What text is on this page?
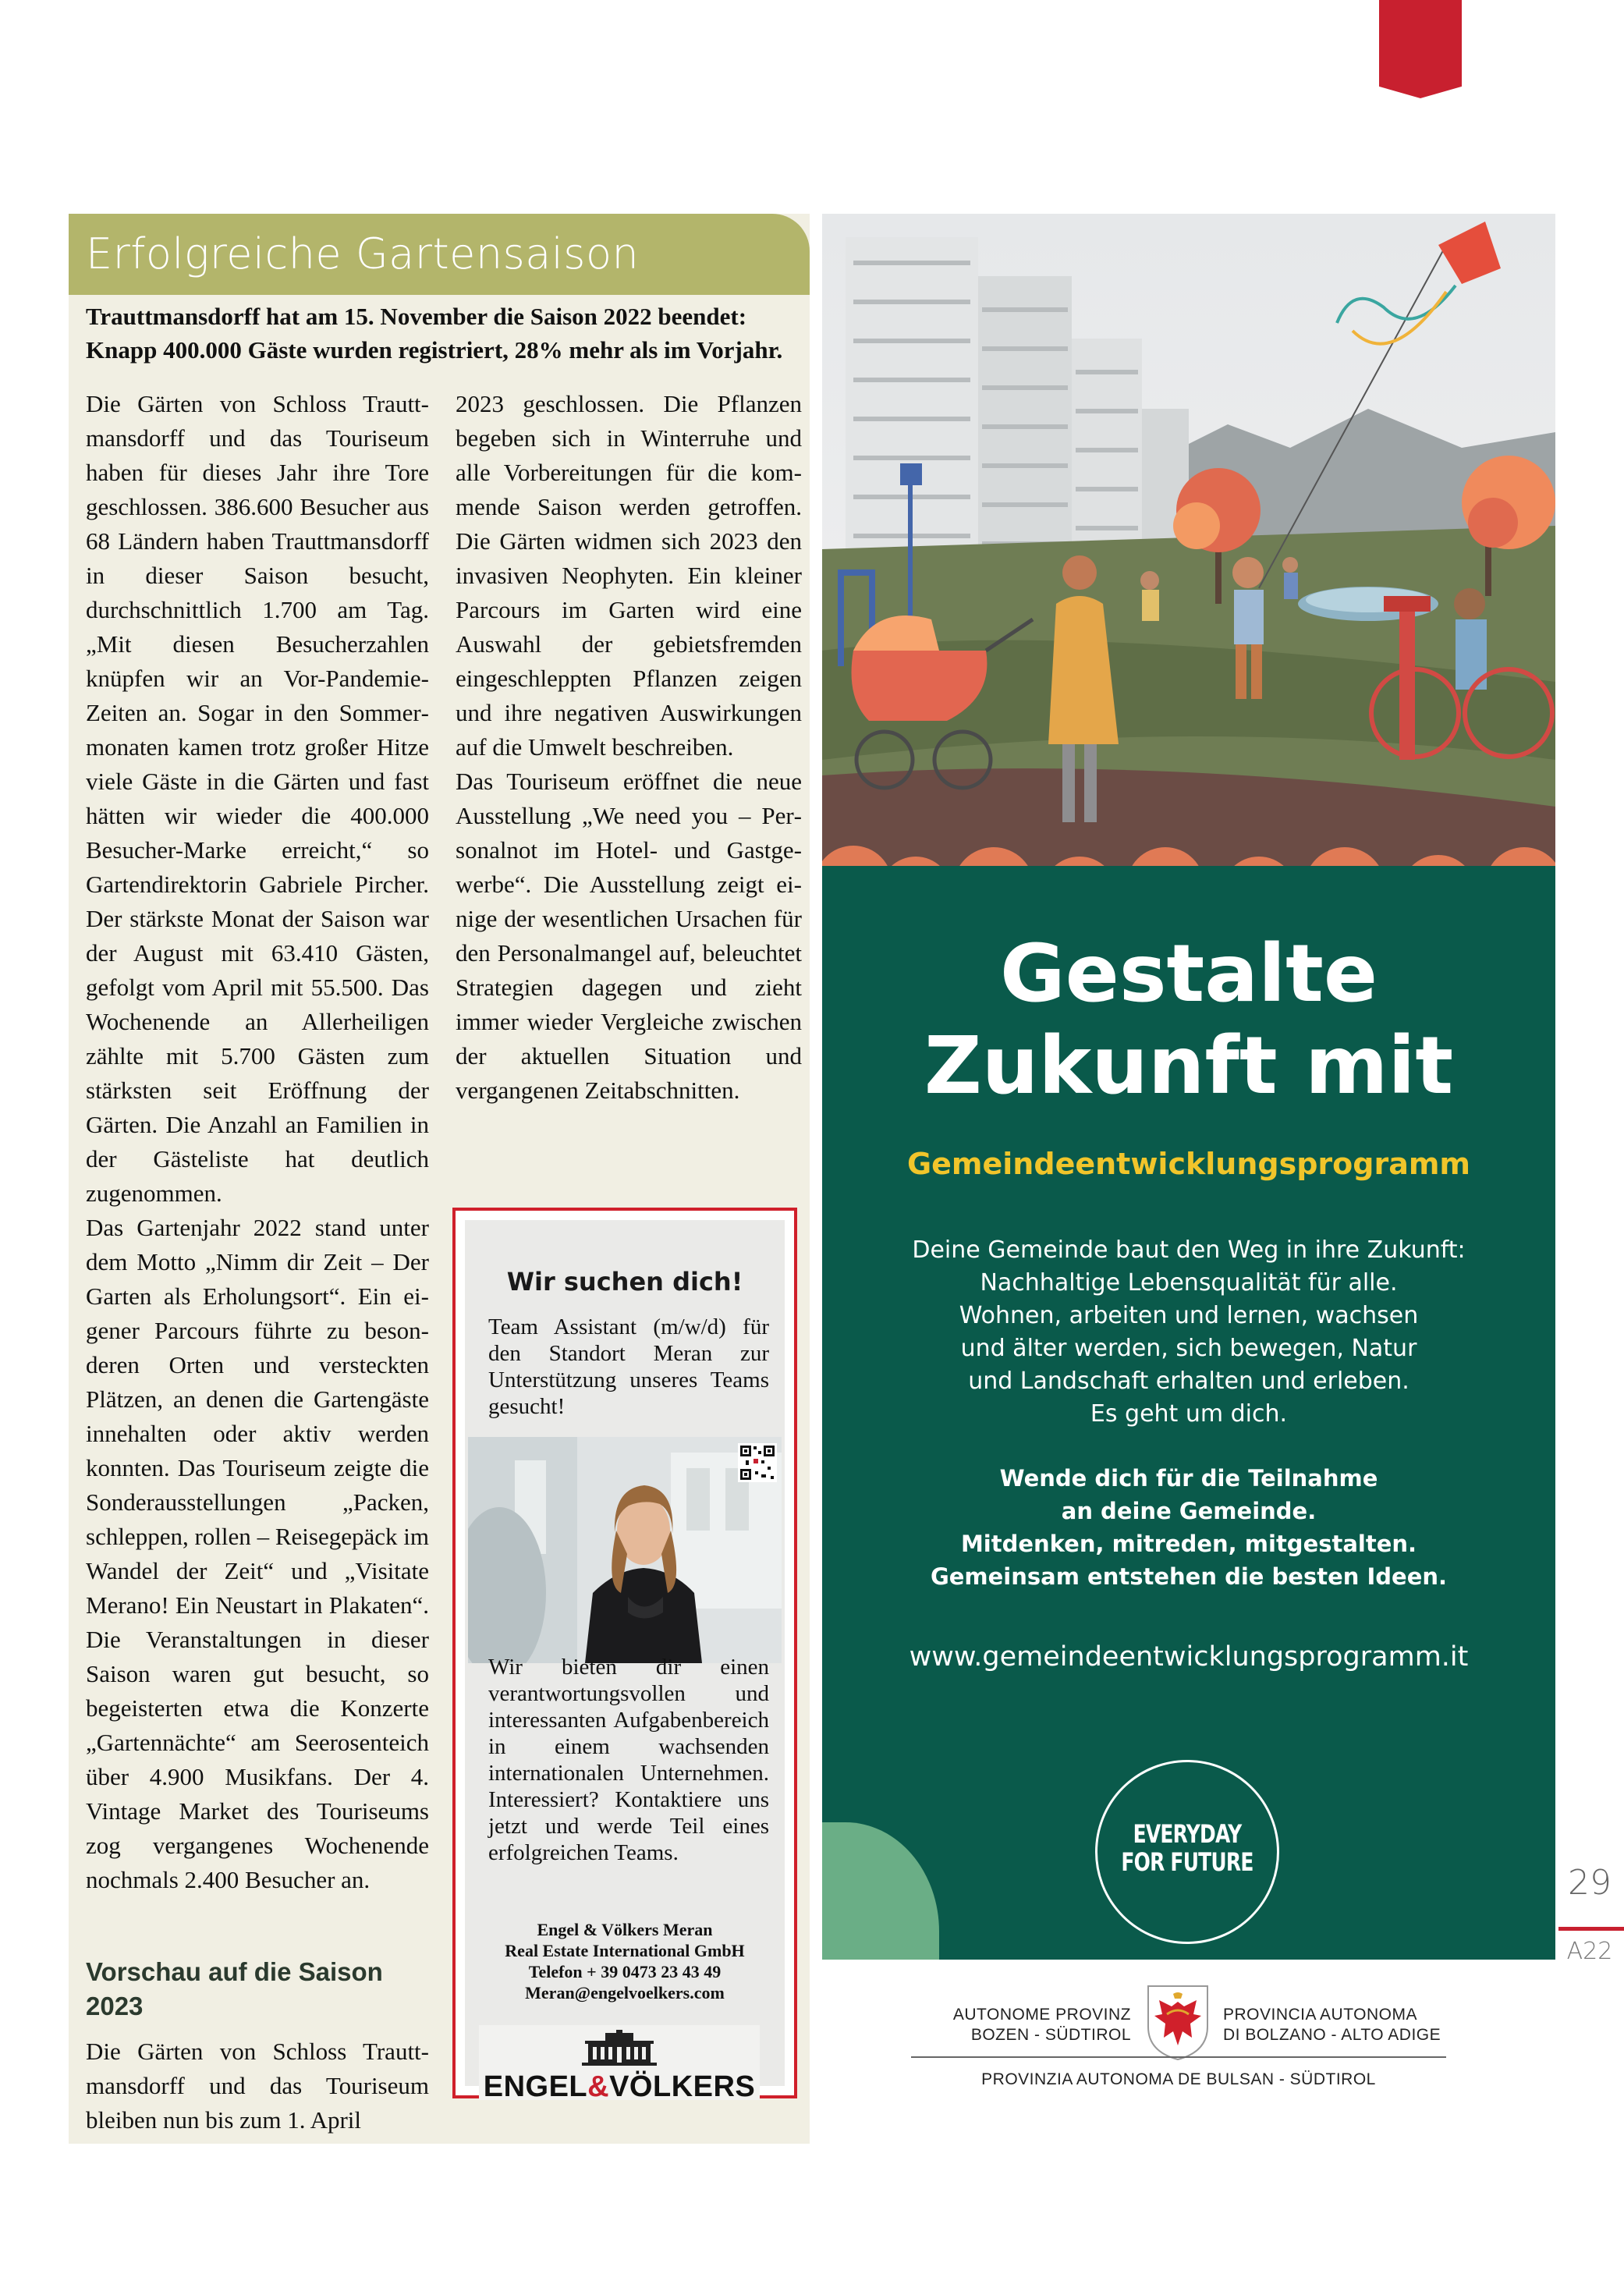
Erfolgreiche Gartensaison
Trauttmansdorff hat am 15. November die Saison 2022 beendet: Knapp 400.000 Gäste wurden registriert, 28% mehr als im Vorjahr.

Die Gärten von Schloss Trauttmansdorff und das Touriseum haben für dieses Jahr ihre Tore geschlossen. 386.600 Besucher aus 68 Ländern haben Trauttmansdorff in dieser Saison besucht, durchschnittlich 1.700 am Tag. „Mit diesen Besucherzahlen knüpfen wir an Vor-Pandemie-Zeiten an. Sogar in den Sommermonaten kamen trotz großer Hitze viele Gäste in die Gärten und fast hätten wir wieder die 400.000 Besucher-Marke erreicht,“ so Gartendirektorin Gabriele Pircher. Der stärkste Monat der Saison war der August mit 63.410 Gästen, gefolgt vom April mit 55.500. Das Wochenende an Allerheiligen zählte mit 5.700 Gästen zum stärksten seit Eröffnung der Gärten. Die Anzahl an Familien in der Gästeliste hat deutlich zugenommen.

Das Gartenjahr 2022 stand unter dem Motto „Nimm dir Zeit – Der Garten als Erholungsort“. Ein eigener Parcours führte zu besonderen Orten und versteckten Plätzen, an denen die Gartengäste innehalten oder aktiv werden konnten. Das Touriseum zeigte die Sonderausstellungen „Packen, schleppen, rollen – Reisegepäck im Wandel der Zeit“ und „Visitate Merano! Ein Neustart in Plakaten“. Die Veranstaltungen in dieser Saison waren gut besucht, so begeisterten etwa die Konzerte „Gartennächte“ am Seerosenteich über 4.900 Musikfans. Der 4. Vintage Market des Touriseums zog vergangenes Wochenende nochmals 2.400 Besucher an.

2023 geschlossen. Die Pflanzen begeben sich in Winterruhe und alle Vorbereitungen für die kommende Saison werden getroffen. Die Gärten widmen sich 2023 den invasiven Neophyten. Ein kleiner Parcours im Garten wird eine Auswahl der gebietsfremden eingeschleppten Pflanzen zeigen und ihre negativen Auswirkungen auf die Umwelt beschreiben.

Das Touriseum eröffnet die neue Ausstellung „We need you – Personalnot im Hotel- und Gastgewerbe“. Die Ausstellung zeigt einige der wesentlichen Ursachen für den Personalmangel auf, beleuchtet Strategien dagegen und zieht immer wieder Vergleiche zwischen der aktuellen Situation und vergangenen Zeitabschnitten.

Vorschau auf die Saison 2023

Die Gärten von Schloss Trauttmansdorff und das Touriseum bleiben nun bis zum 1. April

Wir suchen dich!
Team Assistant (m/w/d) für den Standort Meran zur Unterstützung unseres Teams gesucht!
Wir bieten dir einen verantwortungsvollen und interessanten Aufgabenbereich in einem wachsenden internationalen Unternehmen. Interessiert? Kontaktiere uns jetzt und werde Teil eines erfolgreichen Teams.
Engel & Völkers Meran
Real Estate International GmbH
Telefon + 39 0473 23 43 49
Meran@engelvoelkers.com
ENGEL&VÖLKERS
Gestalte
Zukunft mit
Gemeindeentwicklungsprogramm
Deine Gemeinde baut den Weg in ihre Zukunft:
Nachhaltige Lebensqualität für alle.
Wohnen, arbeiten und lernen, wachsen
und älter werden, sich bewegen, Natur
und Landschaft erhalten und erleben.
Es geht um dich.
Wende dich für die Teilnahme
an deine Gemeinde.
Mitdenken, mitreden, mitgestalten.
Gemeinsam entstehen die besten Ideen.
www.gemeindeentwicklungsprogramm.it
EVERYDAY
FOR FUTURE
AUTONOME PROVINZ
BOZEN - SÜDTIROL
PROVINCIA AUTONOMA
DI BOLZANO - ALTO ADIGE
PROVINZIA AUTONOMA DE BULSAN - SÜDTIROL
29
A22
